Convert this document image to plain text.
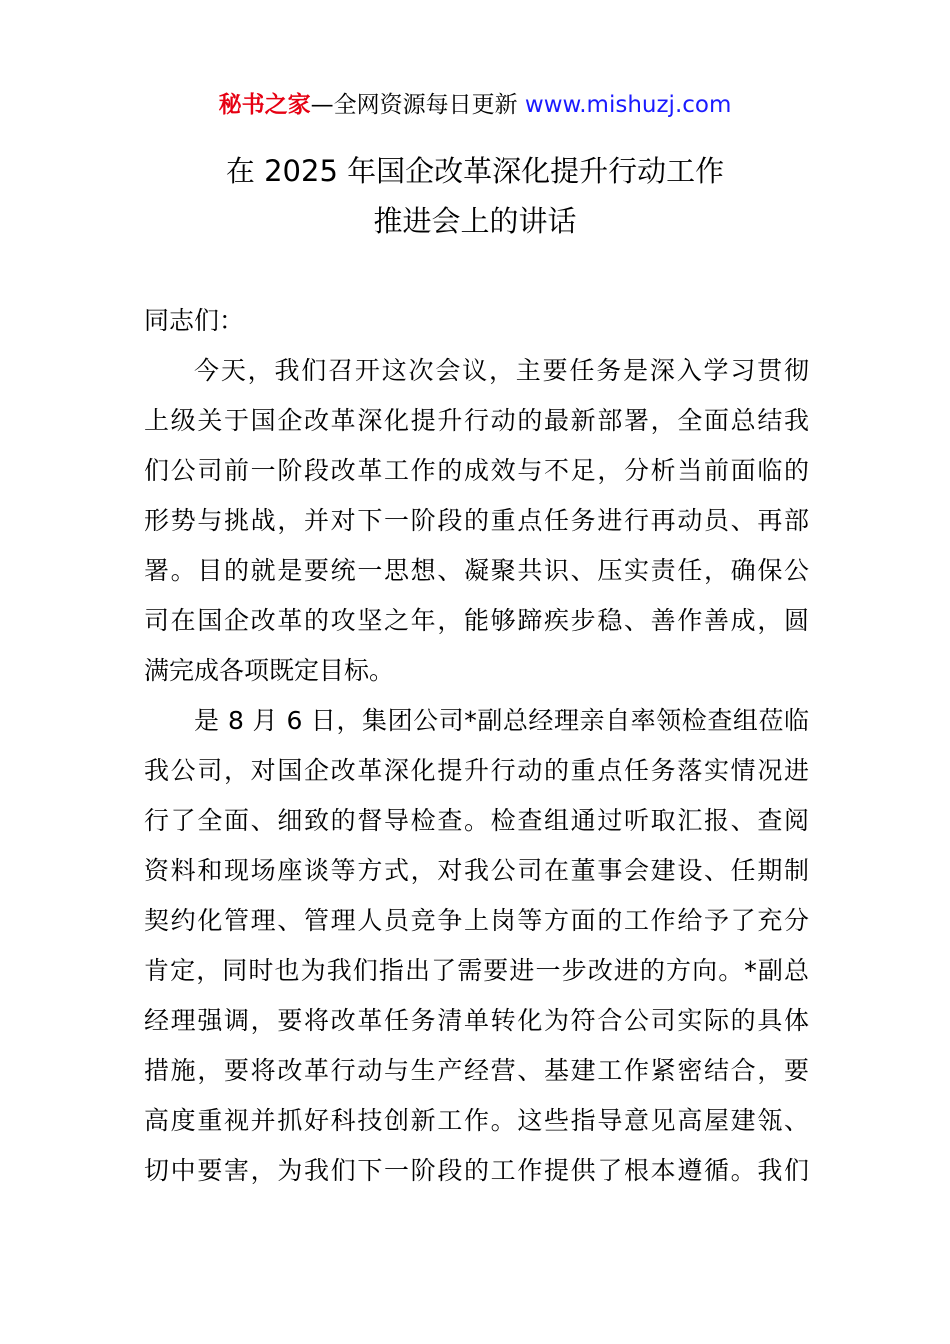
秘书之家—全网资源每日更新 www.mishuzj.com
在 2025 年国企改革深化提升行动工作
推进会上的讲话
同志们：
今天，我们召开这次会议，主要任务是深入学习贯彻
上级关于国企改革深化提升行动的最新部署，全面总结我
们公司前一阶段改革工作的成效与不足，分析当前面临的
形势与挑战，并对下一阶段的重点任务进行再动员、再部
署。目的就是要统一思想、凝聚共识、压实责任，确保公
司在国企改革的攻坚之年，能够蹄疾步稳、善作善成，圆
满完成各项既定目标。
是 8 月 6 日，集团公司*副总经理亲自率领检查组莅临
我公司，对国企改革深化提升行动的重点任务落实情况进
行了全面、细致的督导检查。检查组通过听取汇报、查阅
资料和现场座谈等方式，对我公司在董事会建设、任期制
契约化管理、管理人员竞争上岗等方面的工作给予了充分
肯定，同时也为我们指出了需要进一步改进的方向。*副总
经理强调，要将改革任务清单转化为符合公司实际的具体
措施，要将改革行动与生产经营、基建工作紧密结合，要
高度重视并抓好科技创新工作。这些指导意见高屋建瓴、
切中要害，为我们下一阶段的工作提供了根本遵循。我们
